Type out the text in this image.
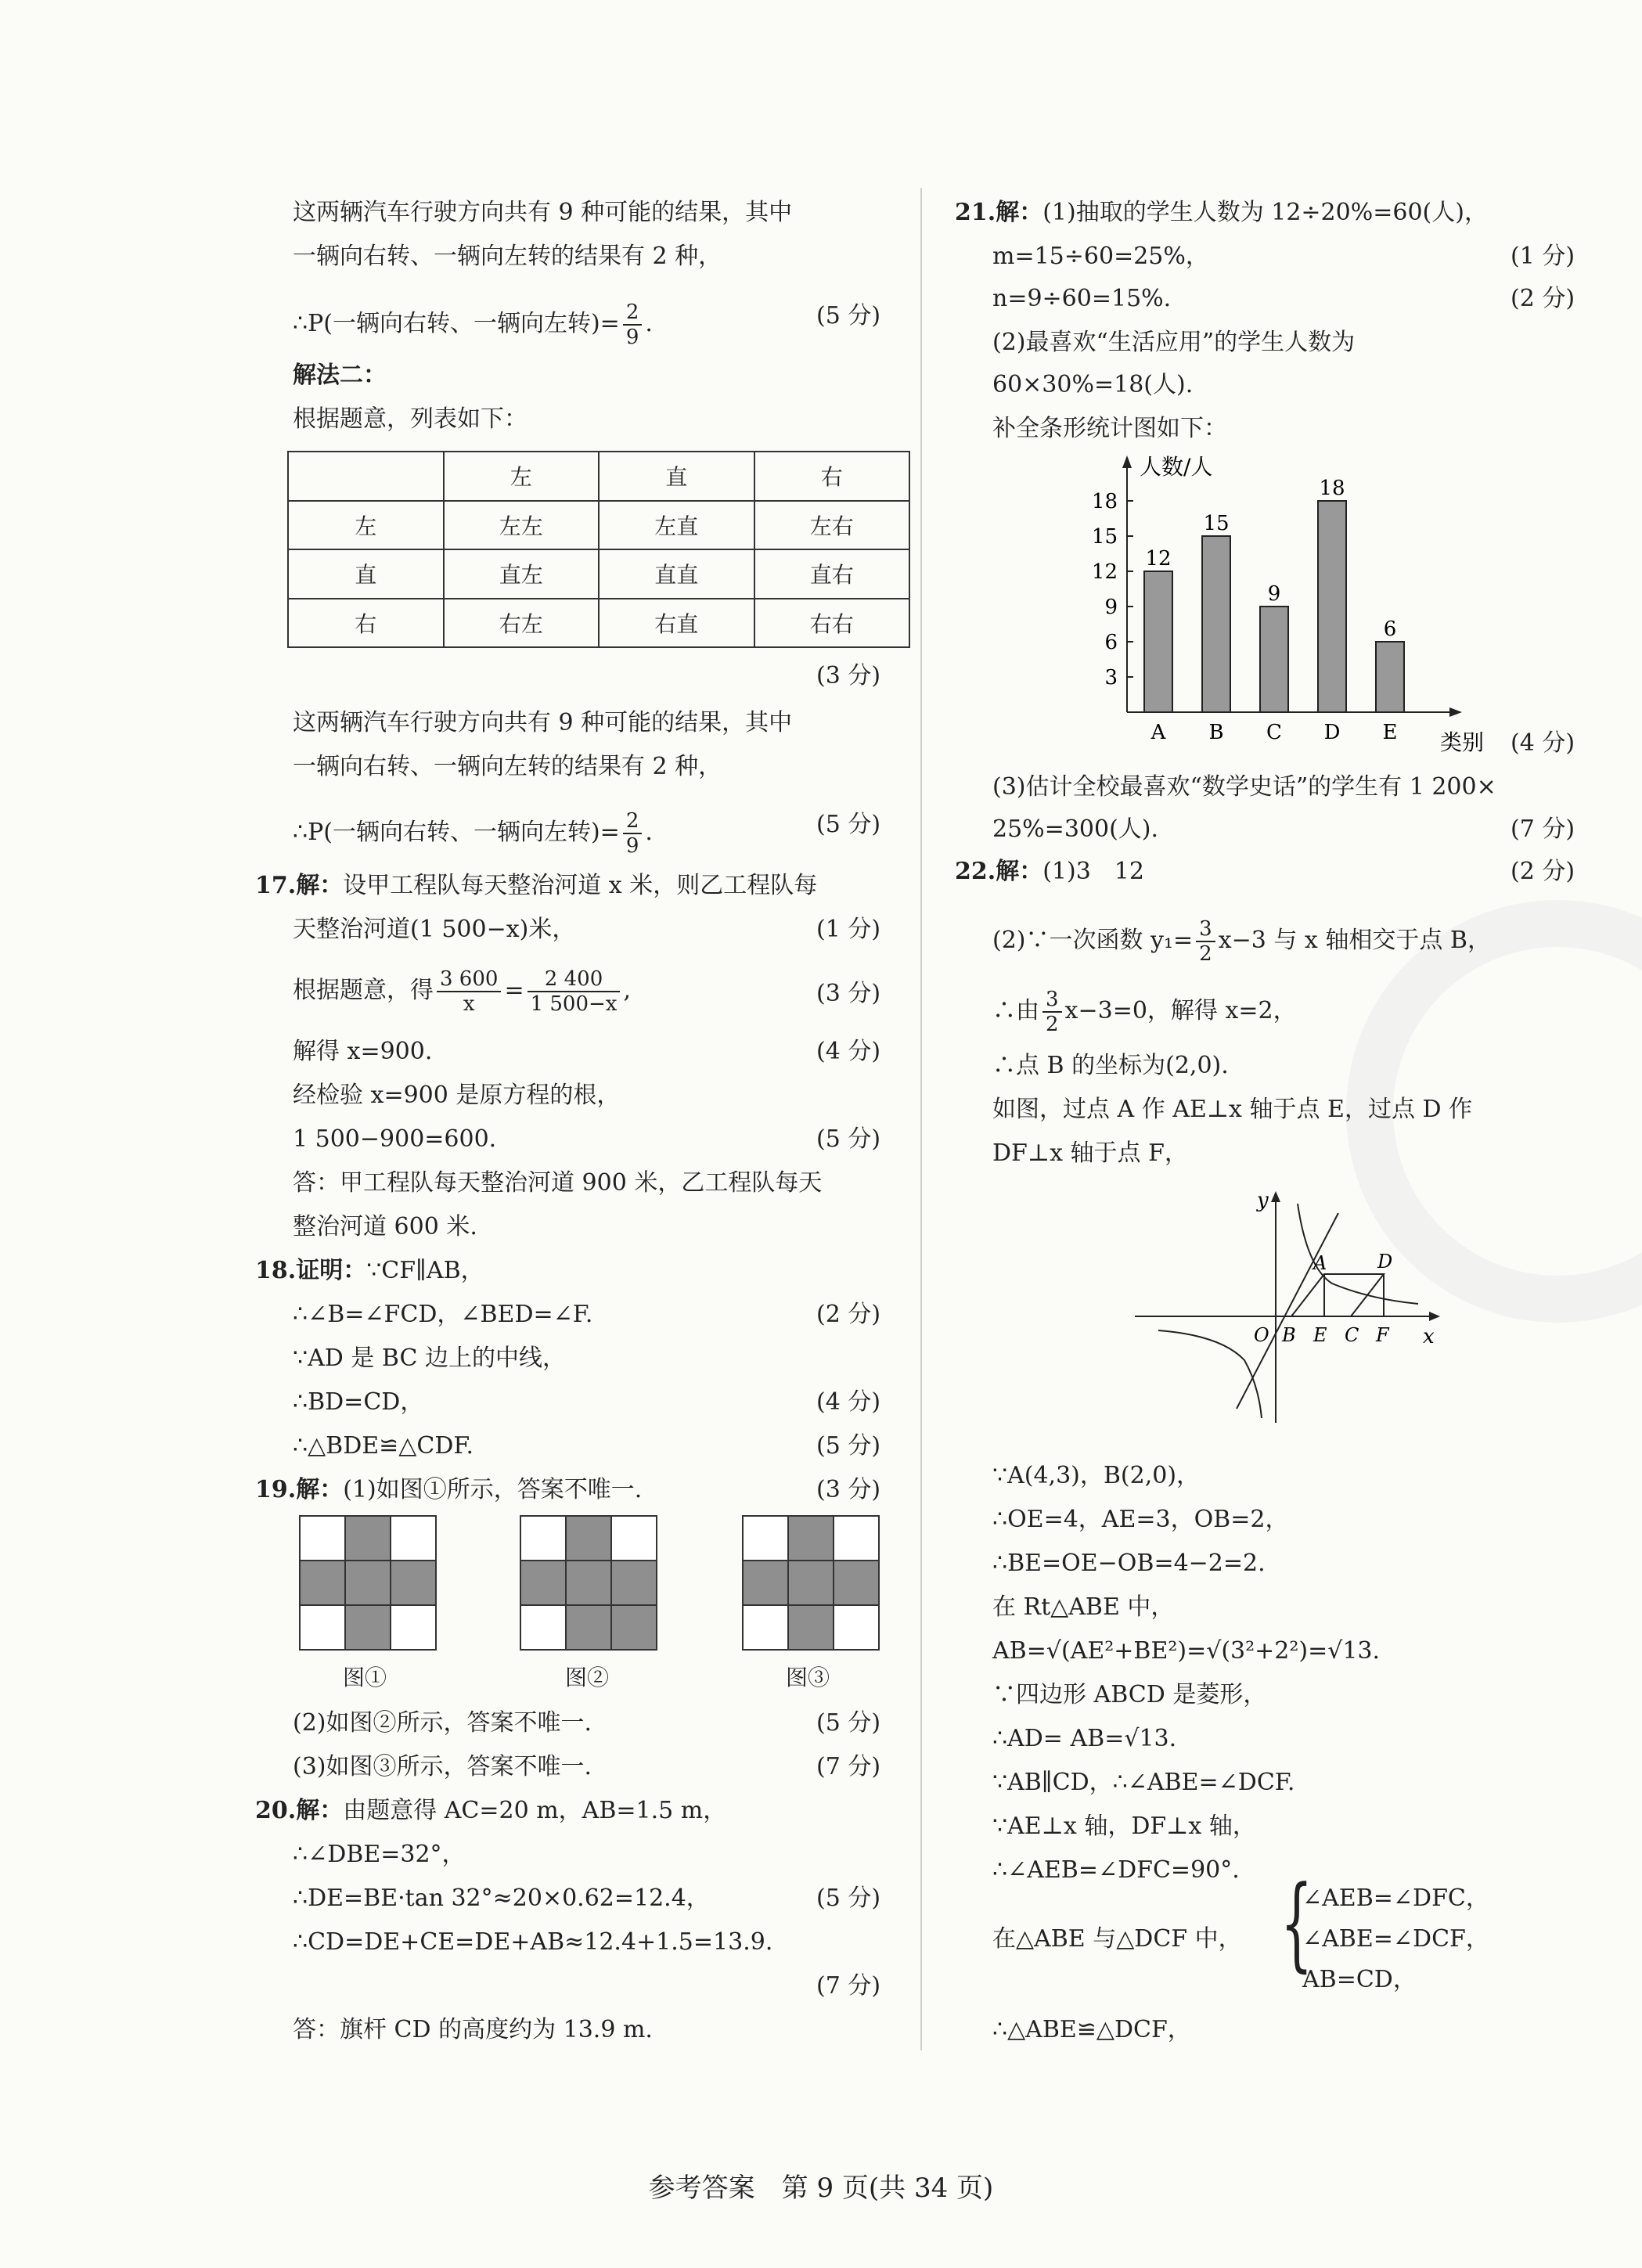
这两辆汽车行驶方向共有 9 种可能的结果，其中
一辆向右转、一辆向左转的结果有 2 种，
∴P(一辆向右转、一辆向左转)= $\frac{2}{9}$ .	(5 分)
解法二：
根据题意，列表如下：
	左	直	右
左	左左	左直	左右
直	直左	直直	直右
右	右左	右直	右右
(3 分)
这两辆汽车行驶方向共有 9 种可能的结果，其中
一辆向右转、一辆向左转的结果有 2 种，
∴P(一辆向右转、一辆向左转)= $\frac{2}{9}$ .	(5 分)
17.解：设甲工程队每天整治河道 x 米，则乙工程队每
天整治河道(1 500−x)米，	(1 分)
根据题意，得 $\frac{3 600}{x} = \frac{2 400}{1 500-x}$ ,	(3 分)
解得 x=900.	(4 分)
经检验 x=900 是原方程的根，
1 500−900=600.	(5 分)
答：甲工程队每天整治河道 900 米，乙工程队每天
整治河道 600 米.
18.证明：∵CF∥AB，
∴∠B=∠FCD，∠BED=∠F.	(2 分)
∵AD 是 BC 边上的中线，
∴BD=CD，	(4 分)
∴△BDE≌△CDF.	(5 分)
19.解：(1)如图①所示，答案不唯一.	(3 分)
图①	图②	图③
(2)如图②所示，答案不唯一.	(5 分)
(3)如图③所示，答案不唯一.	(7 分)
20.解：由题意得 AC=20 m，AB=1.5 m，
∴∠DBE=32°，
∴DE=BE·tan 32°≈20×0.62=12.4，	(5 分)
∴CD=DE+CE=DE+AB≈12.4+1.5=13.9.
(7 分)
答：旗杆 CD 的高度约为 13.9 m.
21.解：(1)抽取的学生人数为 12÷20%=60(人)，
m=15÷60=25%，	(1 分)
n=9÷60=15%.	(2 分)
(2)最喜欢“生活应用”的学生人数为
60×30%=18(人).
补全条形统计图如下：
人数/人
类别
3
6
9
12
15
18
12
A
15
B
9
C
18
D
6
E	(4 分)
(3)估计全校最喜欢“数学史话”的学生有 1 200×
25%=300(人).	(7 分)
22.解：(1)3　12	(2 分)
(2)∵一次函数 $y_1= \frac{3}{2} x-3$ 与 x 轴相交于点 B，
∴由 $\frac{3}{2} x-3=0$，解得 x=2，
∴点 B 的坐标为(2,0).
如图，过点 A 作 AE⊥x 轴于点 E，过点 D 作
DF⊥x 轴于点 F，
y
x
O
A	D
B E C F
∵A(4,3)，B(2,0)，
∴OE=4，AE=3，OB=2，
∴BE=OE−OB=4−2=2.
在 Rt△ABE 中，
AB=√(AE²+BE²)=√(3²+2²)=√13.
∵四边形 ABCD 是菱形，
∴AD= AB=√13.
∵AB∥CD，∴∠ABE=∠DCF.
∵AE⊥x 轴，DF⊥x 轴，
∴∠AEB=∠DFC=90°.
在△ABE 与△DCF 中， {
∠AEB=∠DFC，
∠ABE=∠DCF，
AB=CD，
∴△ABE≌△DCF，
参考答案　第 9 页(共 34 页)
